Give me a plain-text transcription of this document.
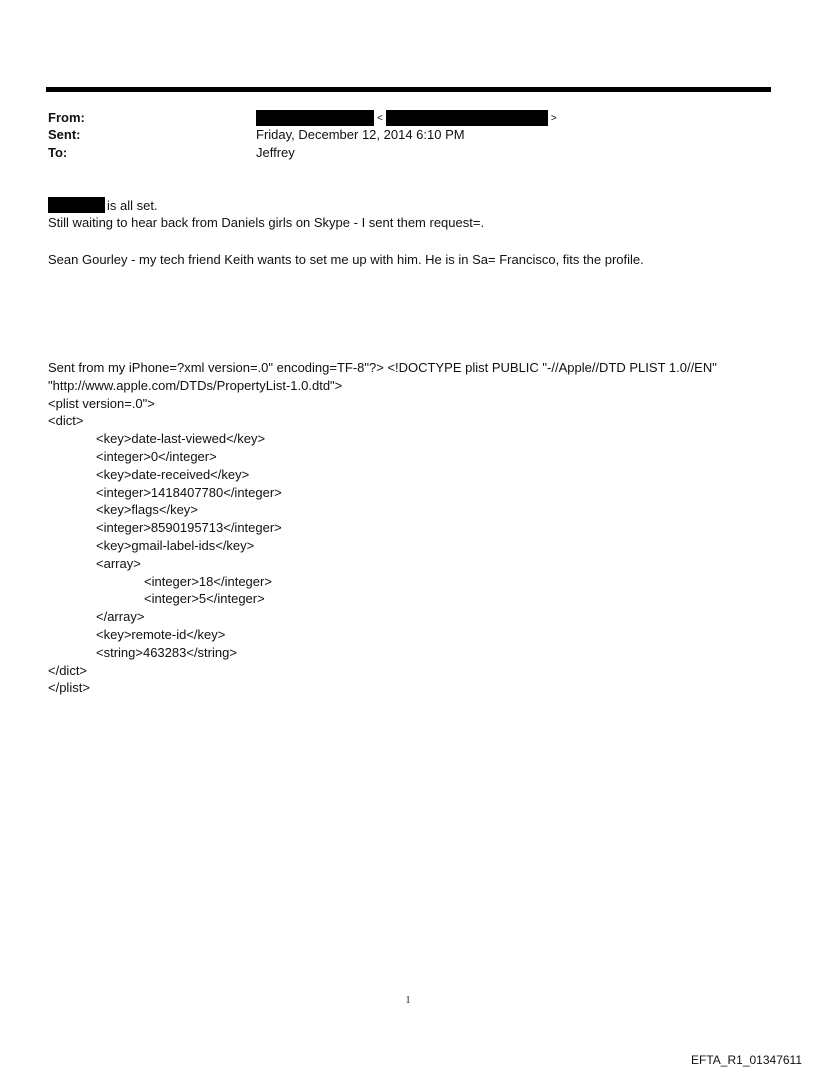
From:	<	>
Sent:	Friday, December 12, 2014 6:10 PM
To:	Jeffrey
is all set.
Still waiting to hear back from Daniels girls on Skype - I sent them request=.
Sean Gourley - my tech friend Keith wants to set me up with him. He is in Sa= Francisco, fits the profile.
Sent from my iPhone=?xml version=.0" encoding=TF-8"?> <!DOCTYPE plist PUBLIC "-//Apple//DTD PLIST 1.0//EN"
"http://www.apple.com/DTDs/PropertyList-1.0.dtd">
<plist version=.0">
<dict>
<key>date-last-viewed</key>
<integer>0</integer>
<key>date-received</key>
<integer>1418407780</integer>
<key>flags</key>
<integer>8590195713</integer>
<key>gmail-label-ids</key>
<array>
<integer>18</integer>
<integer>5</integer>
</array>
<key>remote-id</key>
<string>463283</string>
</dict>
</plist>
1
EFTA_R1_01347611
